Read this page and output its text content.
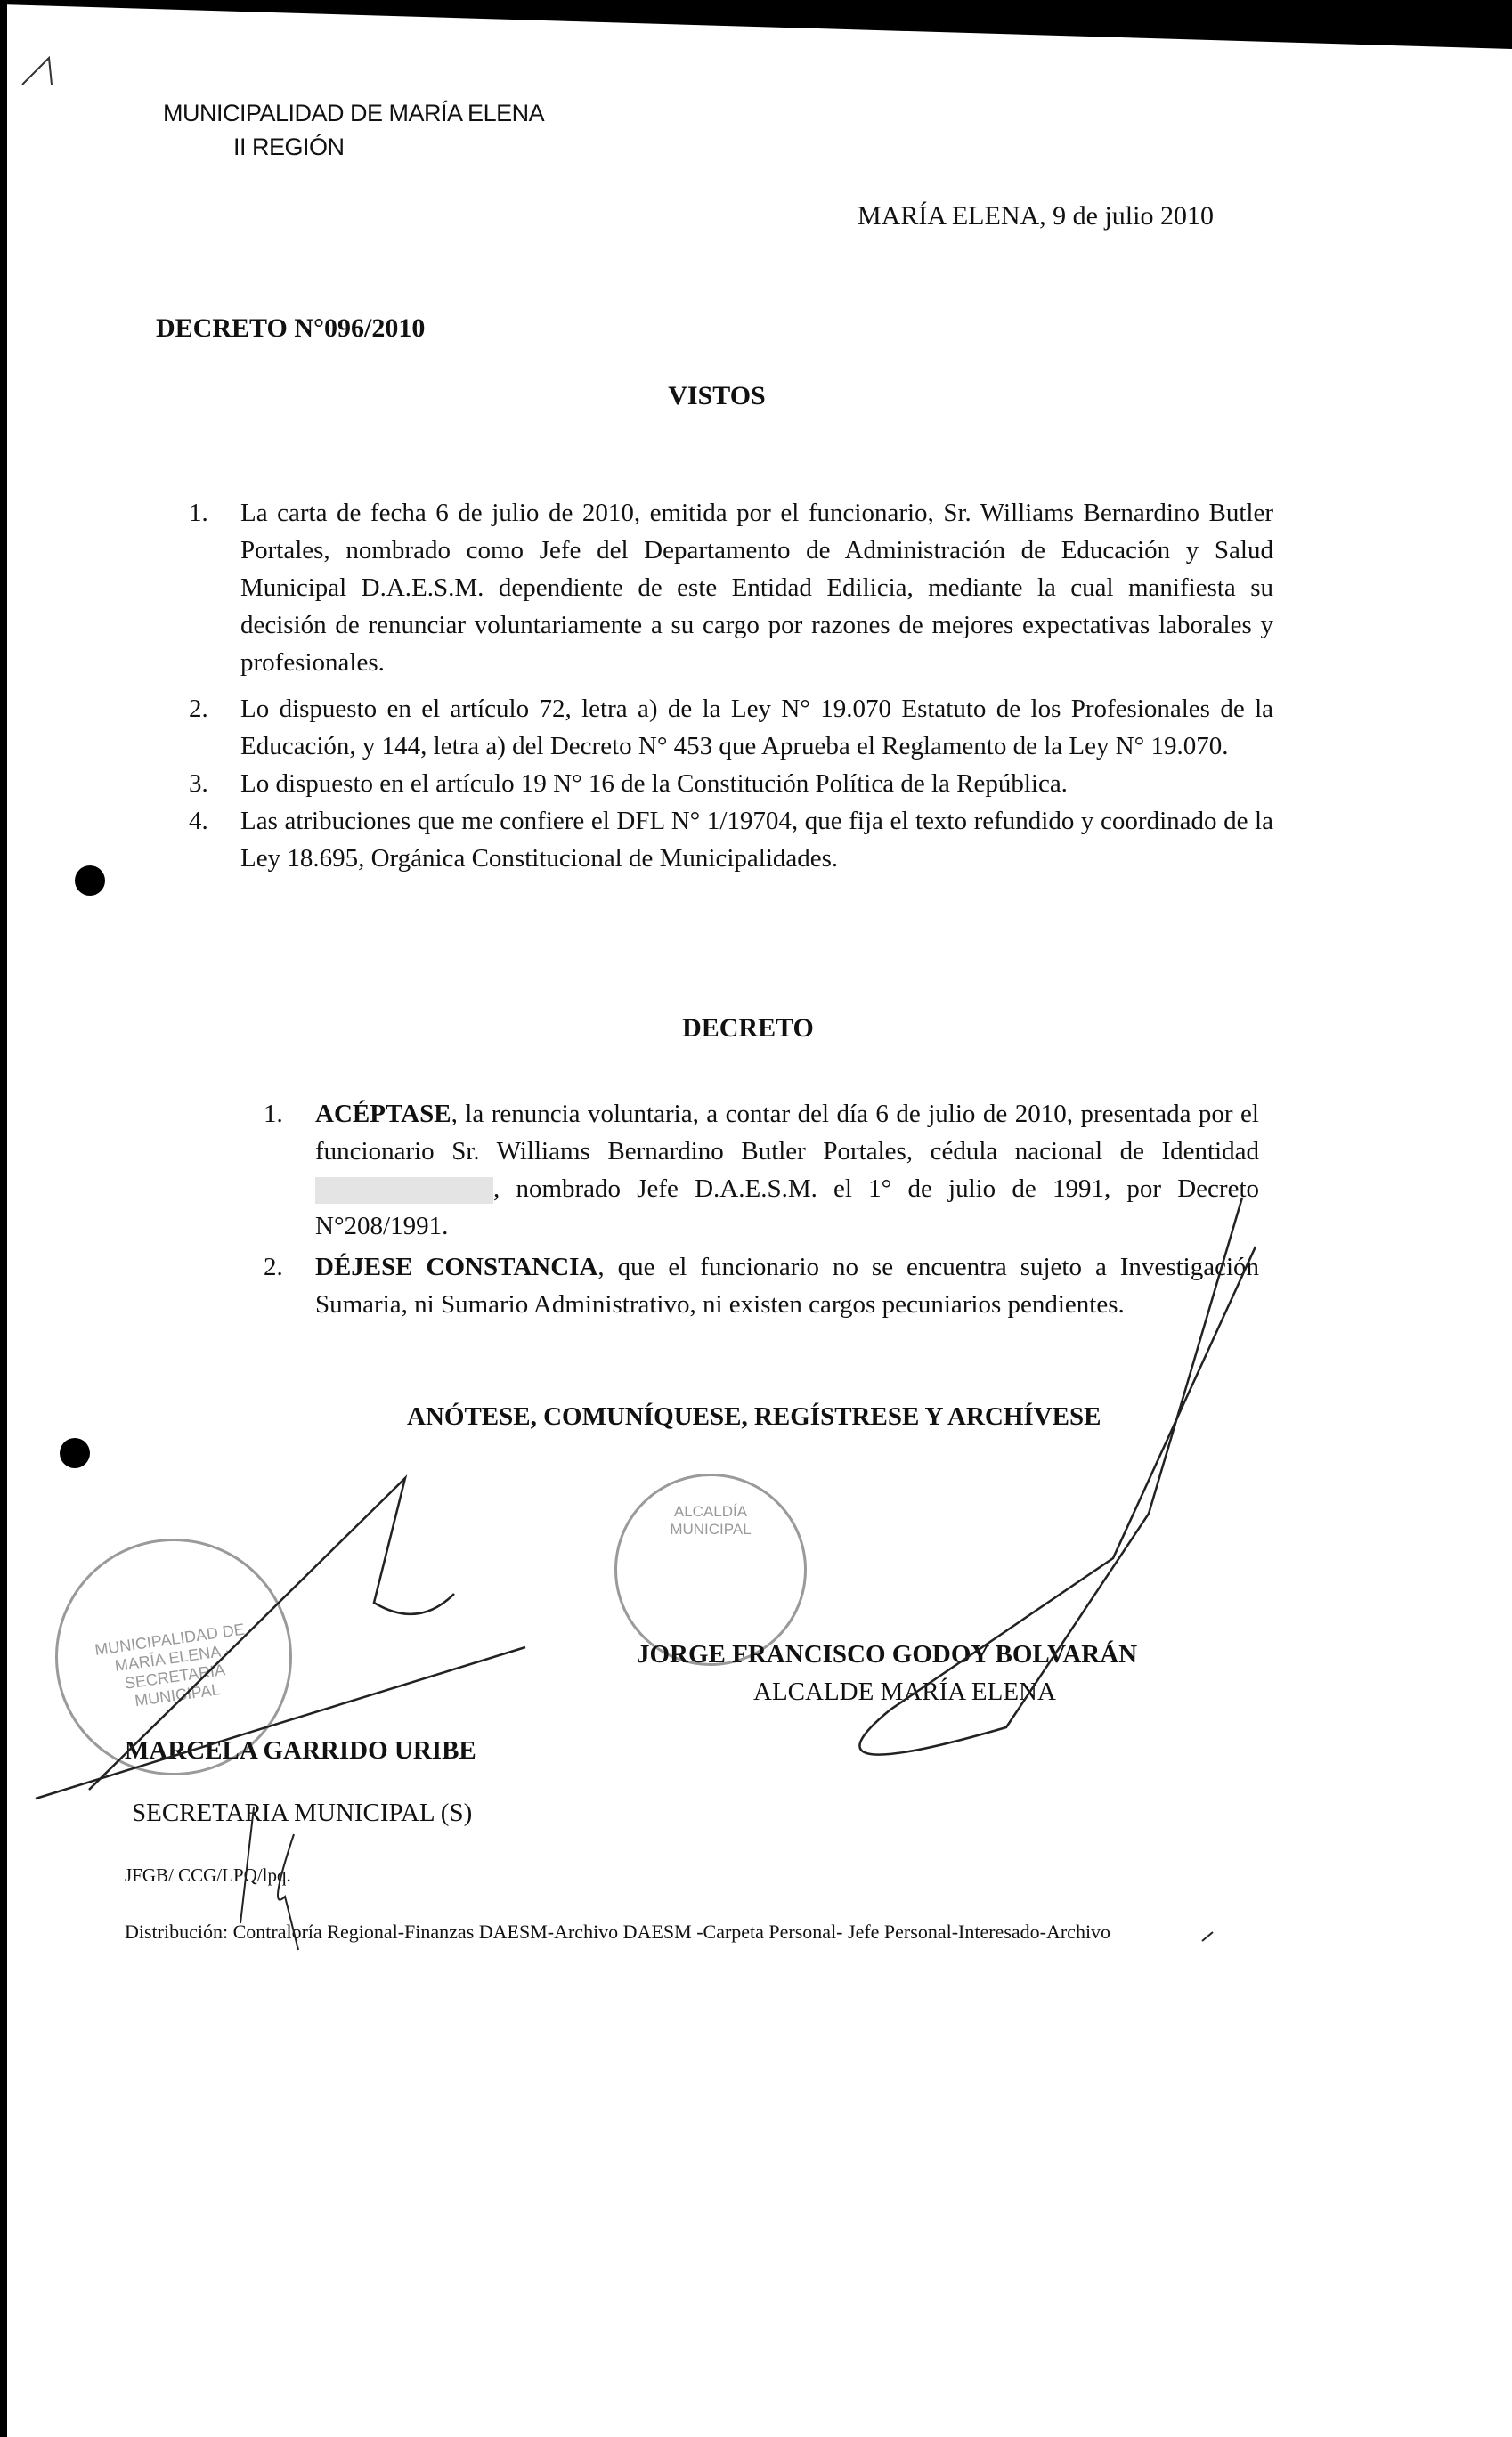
MUNICIPALIDAD DE MARÍA ELENA
II REGIÓN
MARÍA ELENA, 9 de julio 2010
DECRETO N°096/2010
VISTOS
1. La carta de fecha 6 de julio de 2010, emitida por el funcionario, Sr. Williams Bernardino Butler Portales, nombrado como Jefe del Departamento de Administración de Educación y Salud Municipal D.A.E.S.M. dependiente de este Entidad Edilicia, mediante la cual manifiesta su decisión de renunciar voluntariamente a su cargo por razones de mejores expectativas laborales y profesionales.
2. Lo dispuesto en el artículo 72, letra a) de la Ley N° 19.070 Estatuto de los Profesionales de la Educación, y 144, letra a) del Decreto N° 453 que Aprueba el Reglamento de la Ley N° 19.070.
3. Lo dispuesto en el artículo 19 N° 16 de la Constitución Política de la República.
4. Las atribuciones que me confiere el DFL N° 1/19704, que fija el texto refundido y coordinado de la Ley 18.695, Orgánica Constitucional de Municipalidades.
DECRETO
1. ACÉPTASE, la renuncia voluntaria, a contar del día 6 de julio de 2010, presentada por el funcionario Sr. Williams Bernardino Butler Portales, cédula nacional de Identidad , nombrado Jefe D.A.E.S.M. el 1° de julio de 1991, por Decreto N°208/1991.
2. DÉJESE CONSTANCIA, que el funcionario no se encuentra sujeto a Investigación Sumaria, ni Sumario Administrativo, ni existen cargos pecuniarios pendientes.
ANÓTESE, COMUNÍQUESE, REGÍSTRESE Y ARCHÍVESE
MUNICIPALIDAD DE MARÍA ELENA · SECRETARIA MUNICIPAL
ALCALDÍA MUNICIPAL
JORGE FRANCISCO GODOY BOLVARÁN
ALCALDE MARÍA ELENA
MARCELA GARRIDO URIBE
SECRETARIA MUNICIPAL (S)
JFGB/ CCG/LPQ/lpq.
Distribución: Contraloría Regional-Finanzas DAESM-Archivo DAESM -Carpeta Personal- Jefe Personal-Interesado-Archivo
